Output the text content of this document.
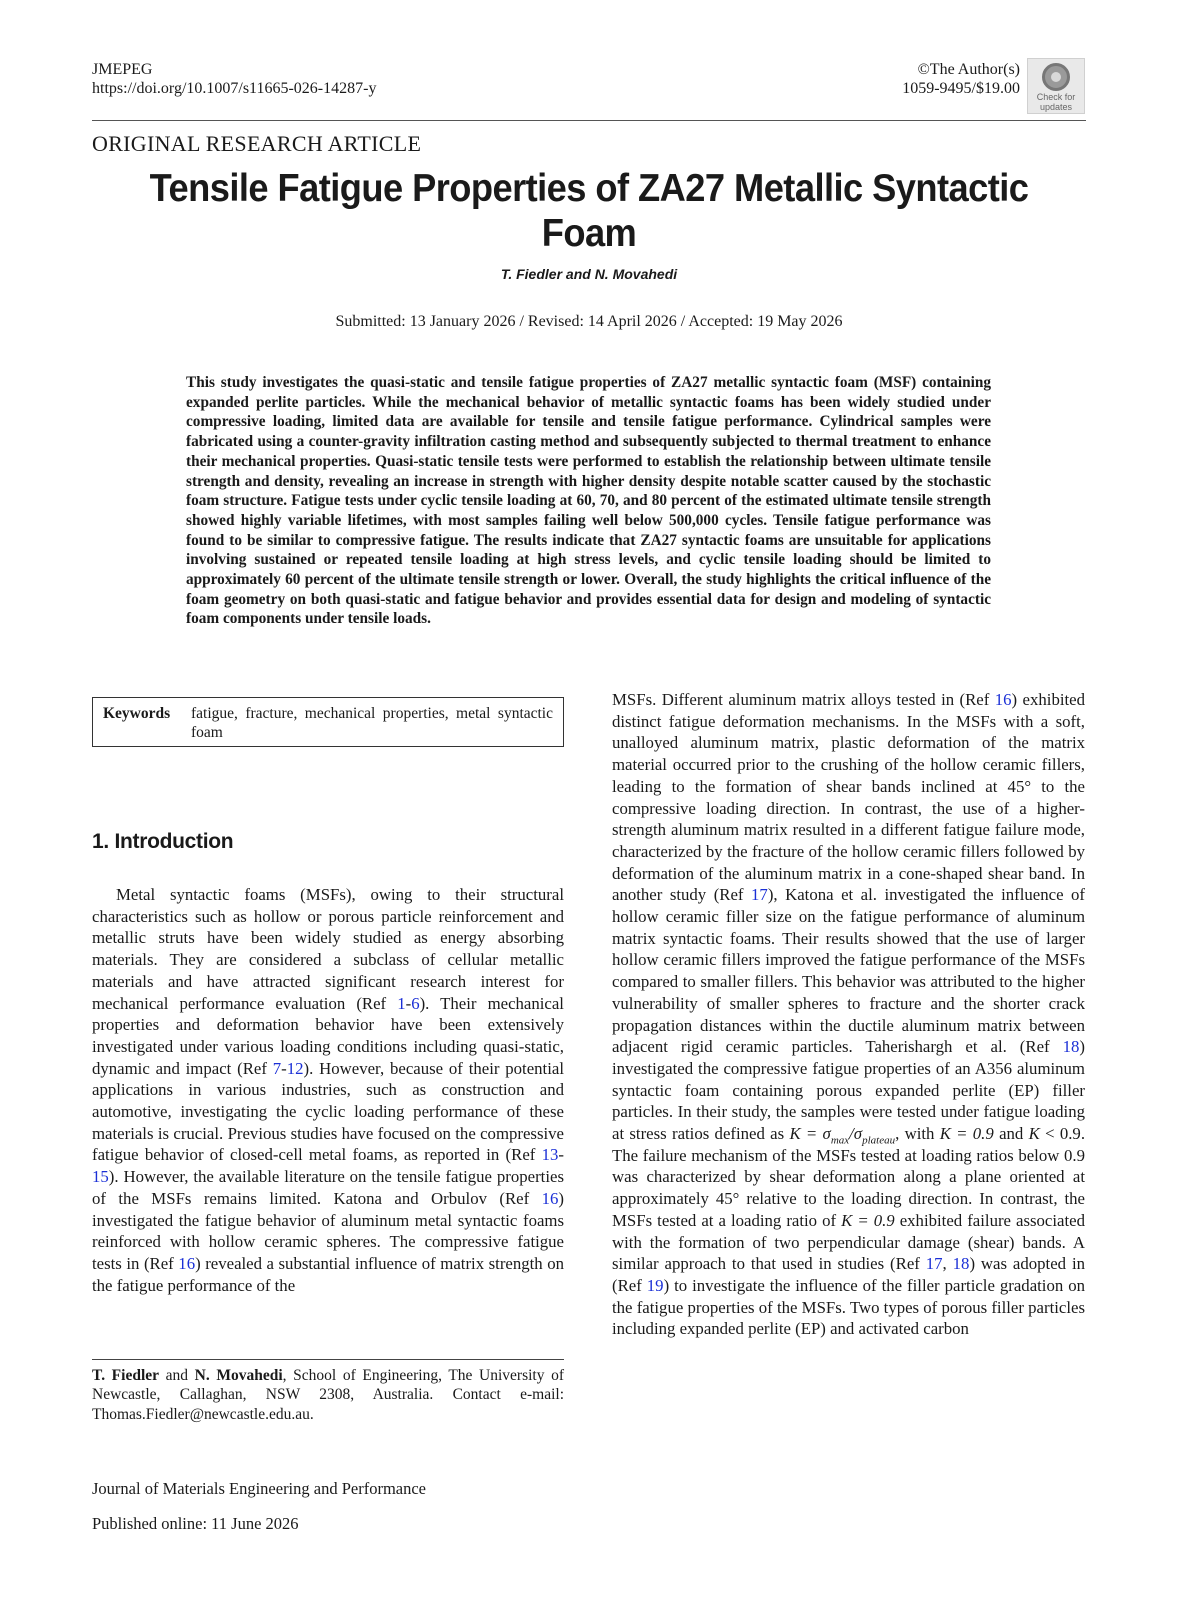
JMEPEG
https://doi.org/10.1007/s11665-026-14287-y
©The Author(s)
1059-9495/$19.00	Check for
updates
ORIGINAL RESEARCH ARTICLE
Tensile Fatigue Properties of ZA27 Metallic Syntactic Foam
T. Fiedler and N. Movahedi
Submitted: 13 January 2026 / Revised: 14 April 2026 / Accepted: 19 May 2026

This study investigates the quasi-static and tensile fatigue properties of ZA27 metallic syntactic foam (MSF) containing expanded perlite particles. While the mechanical behavior of metallic syntactic foams has been widely studied under compressive loading, limited data are available for tensile and tensile fatigue performance. Cylindrical samples were fabricated using a counter-gravity infiltration casting method and subsequently subjected to thermal treatment to enhance their mechanical properties. Quasi-static tensile tests were performed to establish the relationship between ultimate tensile strength and density, revealing an increase in strength with higher density despite notable scatter caused by the stochastic foam structure. Fatigue tests under cyclic tensile loading at 60, 70, and 80 percent of the estimated ultimate tensile strength showed highly variable lifetimes, with most samples failing well below 500,000 cycles. Tensile fatigue performance was found to be similar to compressive fatigue. The results indicate that ZA27 syntactic foams are unsuitable for applications involving sustained or repeated tensile loading at high stress levels, and cyclic tensile loading should be limited to approximately 60 percent of the ultimate tensile strength or lower. Overall, the study highlights the critical influence of the foam geometry on both quasi-static and fatigue behavior and provides essential data for design and modeling of syntactic foam components under tensile loads.

Keywords fatigue, fracture, mechanical properties, metal syntactic foam
1. Introduction

Metal syntactic foams (MSFs), owing to their structural characteristics such as hollow or porous particle reinforcement and metallic struts have been widely studied as energy absorbing materials. They are considered a subclass of cellular metallic materials and have attracted significant research interest for mechanical performance evaluation (Ref 1-6). Their mechanical properties and deformation behavior have been extensively investigated under various loading conditions including quasi-static, dynamic and impact (Ref 7-12). However, because of their potential applications in various industries, such as construction and automotive, investigating the cyclic loading performance of these materials is crucial. Previous studies have focused on the compressive fatigue behavior of closed-cell metal foams, as reported in (Ref 13-15). However, the available literature on the tensile fatigue properties of the MSFs remains limited. Katona and Orbulov (Ref 16) investigated the fatigue behavior of aluminum metal syntactic foams reinforced with hollow ceramic spheres. The compressive fatigue tests in (Ref 16) revealed a substantial influence of matrix strength on the fatigue performance of the

MSFs. Different aluminum matrix alloys tested in (Ref 16) exhibited distinct fatigue deformation mechanisms. In the MSFs with a soft, unalloyed aluminum matrix, plastic deformation of the matrix material occurred prior to the crushing of the hollow ceramic fillers, leading to the formation of shear bands inclined at 45° to the compressive loading direction. In contrast, the use of a higher-strength aluminum matrix resulted in a different fatigue failure mode, characterized by the fracture of the hollow ceramic fillers followed by deformation of the aluminum matrix in a cone-shaped shear band. In another study (Ref 17), Katona et al. investigated the influence of hollow ceramic filler size on the fatigue performance of aluminum matrix syntactic foams. Their results showed that the use of larger hollow ceramic fillers improved the fatigue performance of the MSFs compared to smaller fillers. This behavior was attributed to the higher vulnerability of smaller spheres to fracture and the shorter crack propagation distances within the ductile aluminum matrix between adjacent rigid ceramic particles. Taherishargh et al. (Ref 18) investigated the compressive fatigue properties of an A356 aluminum syntactic foam containing porous expanded perlite (EP) filler particles. In their study, the samples were tested under fatigue loading at stress ratios defined as $K = \sigma_{max}/\sigma_{plateau}$, with K = 0.9 and K < 0.9. The failure mechanism of the MSFs tested at loading ratios below 0.9 was characterized by shear deformation along a plane oriented at approximately 45° relative to the loading direction. In contrast, the MSFs tested at a loading ratio of K = 0.9 exhibited failure associated with the formation of two perpendicular damage (shear) bands. A similar approach to that used in studies (Ref 17, 18) was adopted in (Ref 19) to investigate the influence of the filler particle gradation on the fatigue properties of the MSFs. Two types of porous filler particles including expanded perlite (EP) and activated carbon

T. Fiedler and N. Movahedi, School of Engineering, The University of Newcastle, Callaghan, NSW 2308, Australia. Contact e-mail: Thomas.Fiedler@newcastle.edu.au.

Journal of Materials Engineering and Performance
Published online: 11 June 2026
